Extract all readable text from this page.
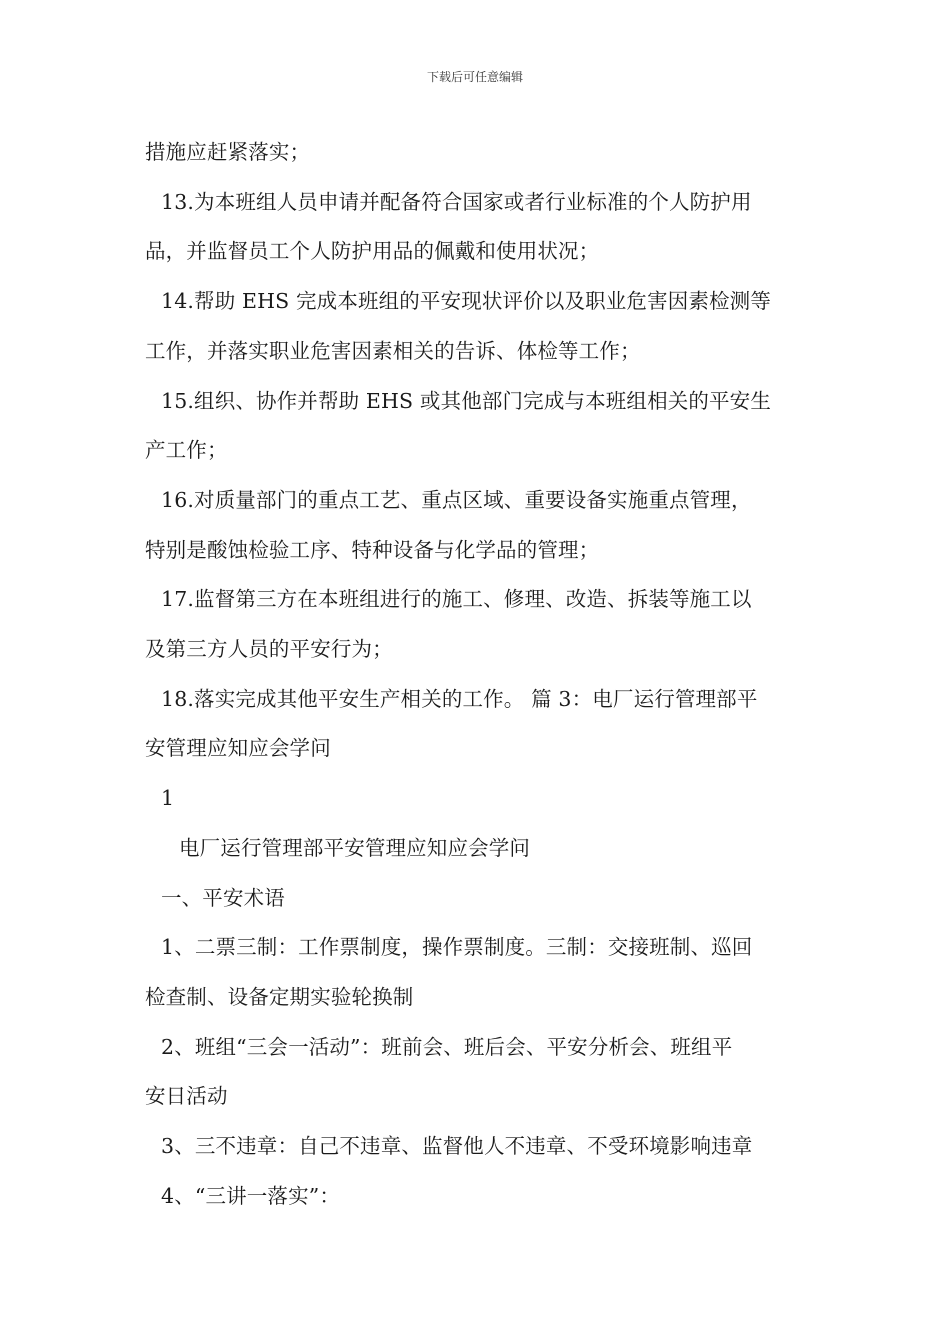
下载后可任意编辑
措施应赶紧落实；
13.为本班组人员申请并配备符合国家或者行业标准的个人防护用
品，并监督员工个人防护用品的佩戴和使用状况；
14.帮助 EHS 完成本班组的平安现状评价以及职业危害因素检测等
工作，并落实职业危害因素相关的告诉、体检等工作；
15.组织、协作并帮助 EHS 或其他部门完成与本班组相关的平安生
产工作；
16.对质量部门的重点工艺、重点区域、重要设备实施重点管理，
特别是酸蚀检验工序、特种设备与化学品的管理；
17.监督第三方在本班组进行的施工、修理、改造、拆装等施工以
及第三方人员的平安行为；
18.落实完成其他平安生产相关的工作。 篇 3：电厂运行管理部平
安管理应知应会学问
1
电厂运行管理部平安管理应知应会学问
一、平安术语
1、二票三制：工作票制度，操作票制度。三制：交接班制、巡回
检查制、设备定期实验轮换制
2、班组“三会一活动”：班前会、班后会、平安分析会、班组平
安日活动
3、三不违章：自己不违章、监督他人不违章、不受环境影响违章
4、“三讲一落实”：
